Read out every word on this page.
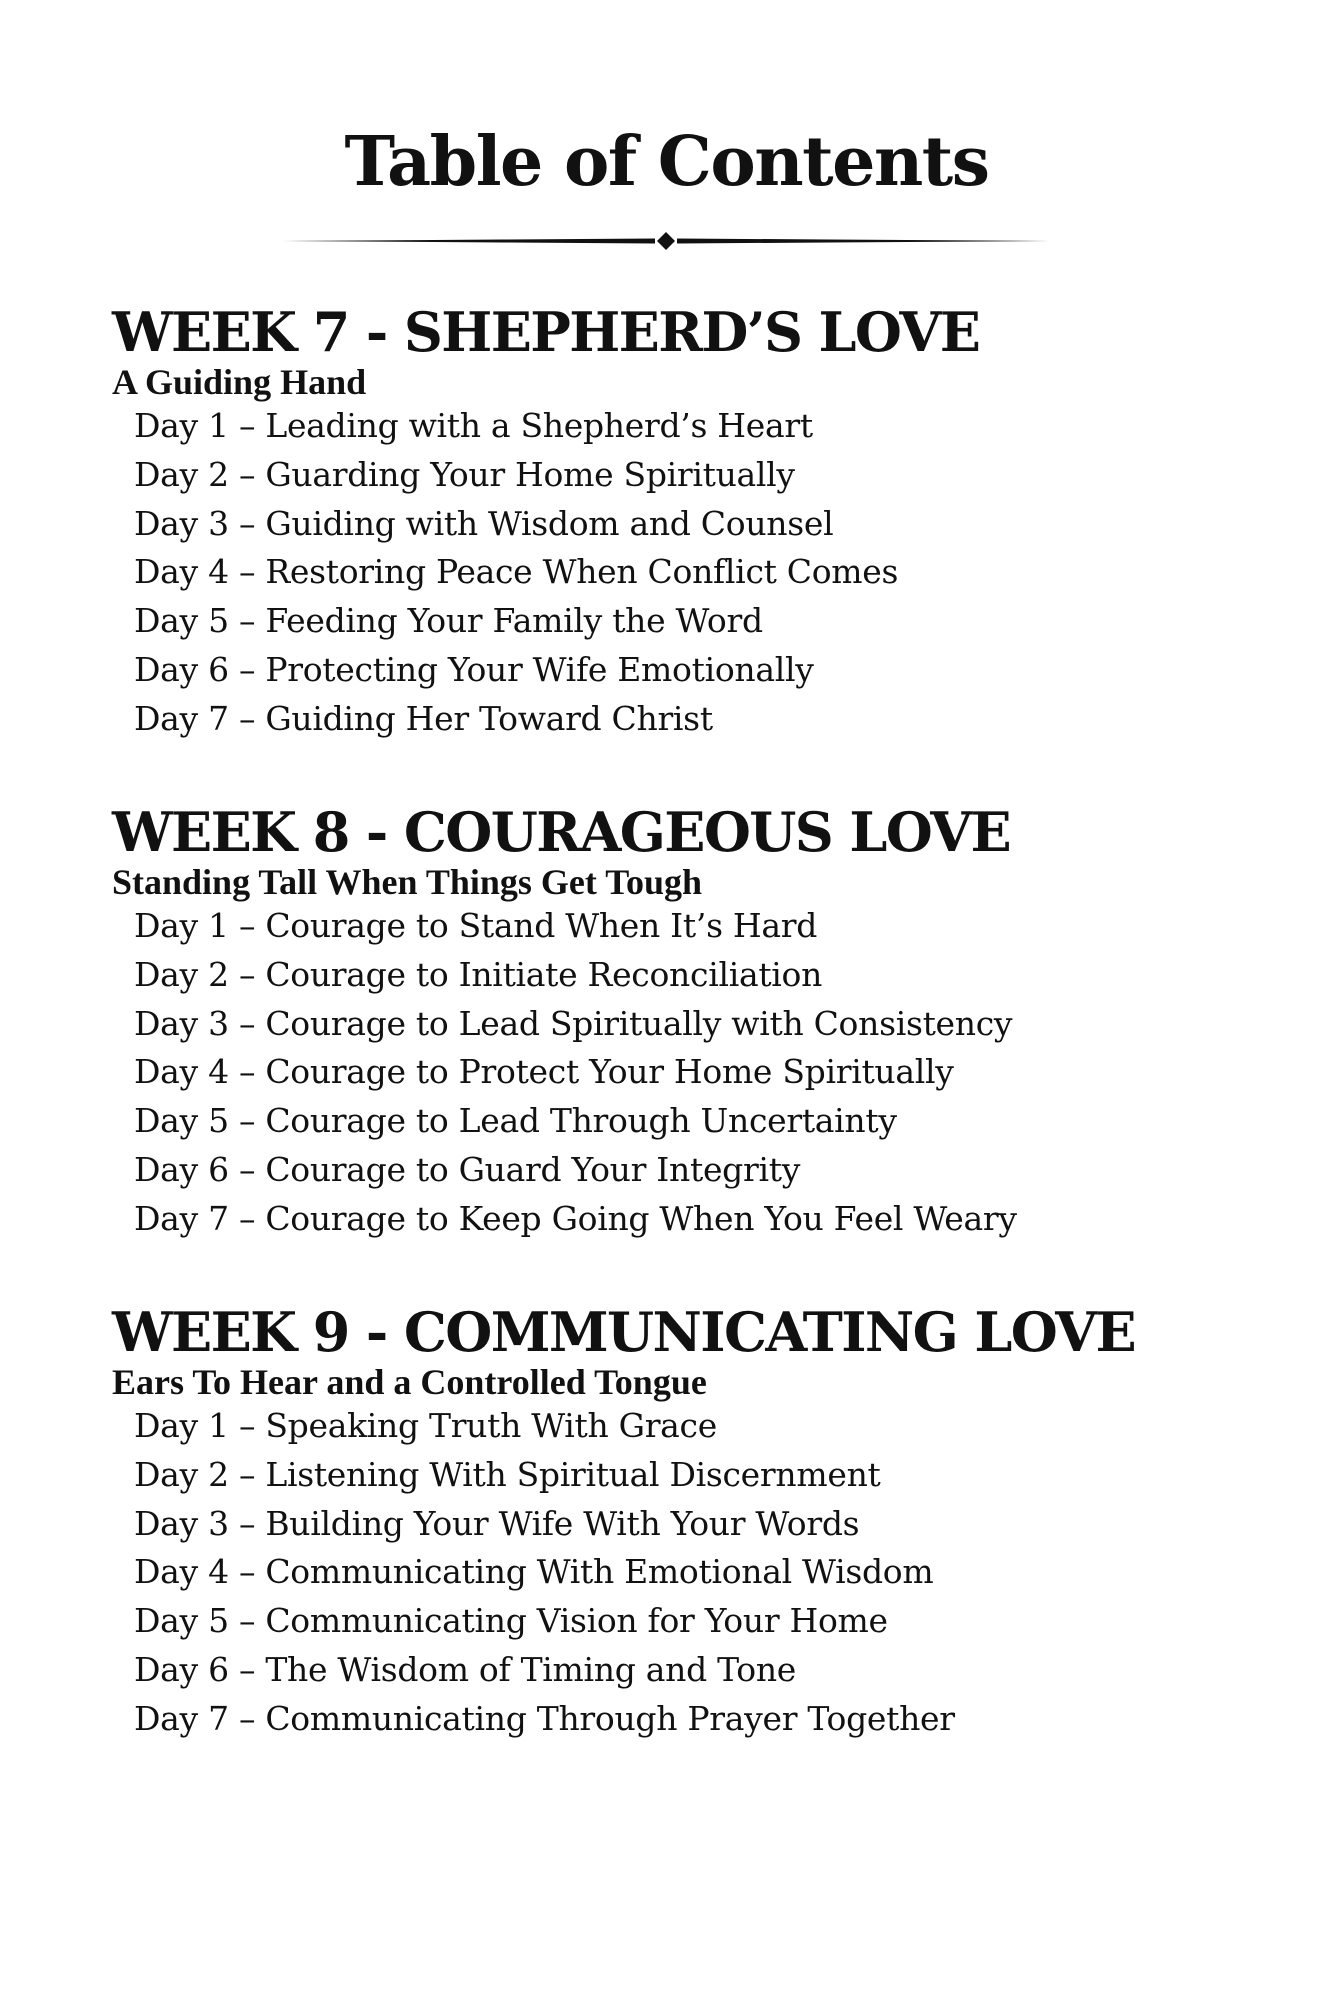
Table of Contents
WEEK 7 - SHEPHERD’S LOVE
A Guiding Hand
Day 1 – Leading with a Shepherd’s Heart
Day 2 – Guarding Your Home Spiritually
Day 3 – Guiding with Wisdom and Counsel
Day 4 – Restoring Peace When Conflict Comes
Day 5 – Feeding Your Family the Word
Day 6 – Protecting Your Wife Emotionally
Day 7 – Guiding Her Toward Christ
WEEK 8 - COURAGEOUS LOVE
Standing Tall When Things Get Tough
Day 1 – Courage to Stand When It’s Hard
Day 2 – Courage to Initiate Reconciliation
Day 3 – Courage to Lead Spiritually with Consistency
Day 4 – Courage to Protect Your Home Spiritually
Day 5 – Courage to Lead Through Uncertainty
Day 6 – Courage to Guard Your Integrity
Day 7 – Courage to Keep Going When You Feel Weary
WEEK 9 - COMMUNICATING LOVE
Ears To Hear and a Controlled Tongue
Day 1 – Speaking Truth With Grace
Day 2 – Listening With Spiritual Discernment
Day 3 – Building Your Wife With Your Words
Day 4 – Communicating With Emotional Wisdom
Day 5 – Communicating Vision for Your Home
Day 6 – The Wisdom of Timing and Tone
Day 7 – Communicating Through Prayer Together
